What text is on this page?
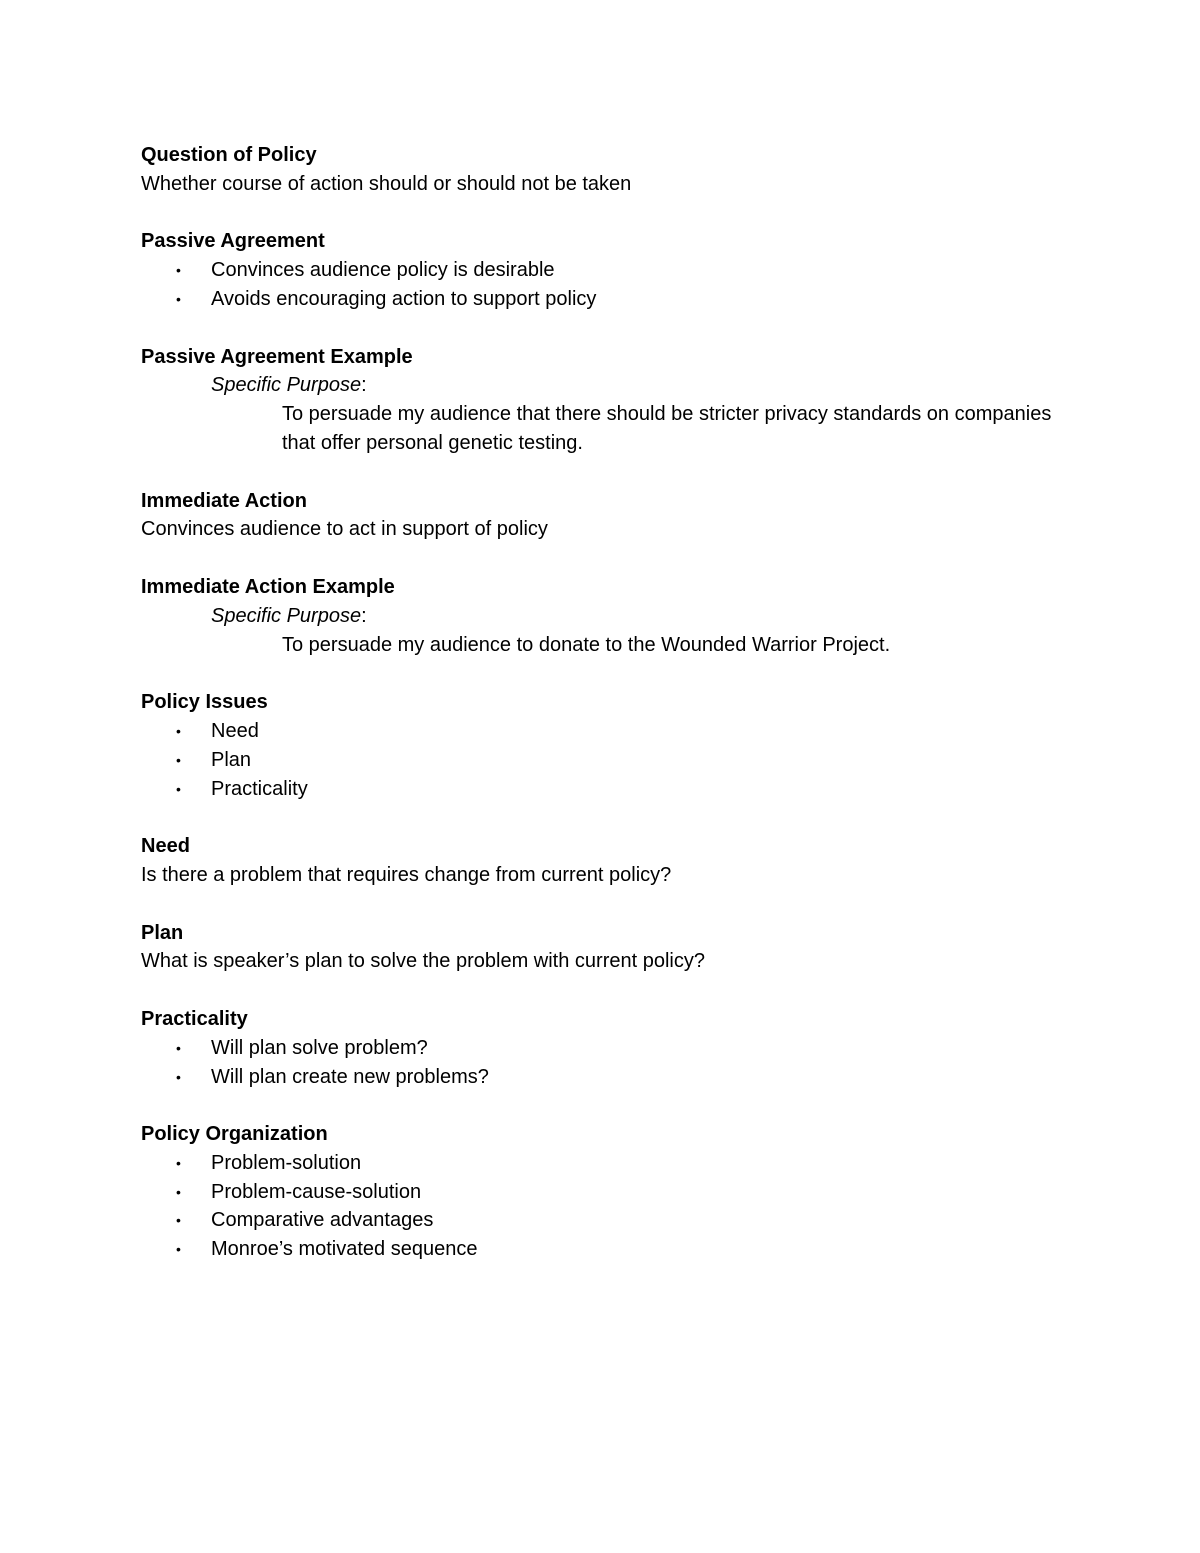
Question of Policy

Whether course of action should or should not be taken

Passive Agreement

• Convinces audience policy is desirable
• Avoids encouraging action to support policy

Passive Agreement Example

Specific Purpose:

To persuade my audience that there should be stricter privacy standards on companies that offer personal genetic testing.

Immediate Action

Convinces audience to act in support of policy

Immediate Action Example

Specific Purpose:

To persuade my audience to donate to the Wounded Warrior Project.

Policy Issues

• Need
• Plan
• Practicality

Need

Is there a problem that requires change from current policy?

Plan

What is speaker’s plan to solve the problem with current policy?

Practicality

• Will plan solve problem?
• Will plan create new problems?

Policy Organization

• Problem-solution
• Problem-cause-solution
• Comparative advantages
• Monroe’s motivated sequence
